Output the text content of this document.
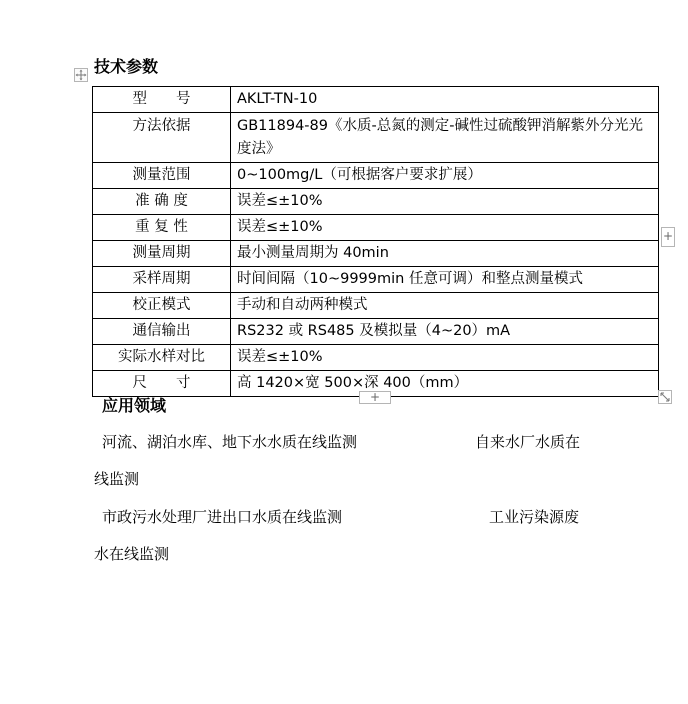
技术参数
型　　号	AKLT-TN-10
方法依据	GB11894-89《水质-总氮的测定-碱性过硫酸钾消解紫外分光光度法》
测量范围	0~100mg/L（可根据客户要求扩展）
准 确 度	误差≤±10%
重 复 性	误差≤±10%
测量周期	最小测量周期为 40min
采样周期	时间间隔（10~9999min 任意可调）和整点测量模式
校正模式	手动和自动两种模式
通信输出	RS232 或 RS485 及模拟量（4~20）mA
实际水样对比	误差≤±10%
尺　　寸	高 1420×宽 500×深 400（mm）
+
+
应用领域
河流、湖泊水库、地下水水质在线监测	自来水厂水质在
线监测
市政污水处理厂进出口水质在线监测	工业污染源废
水在线监测
